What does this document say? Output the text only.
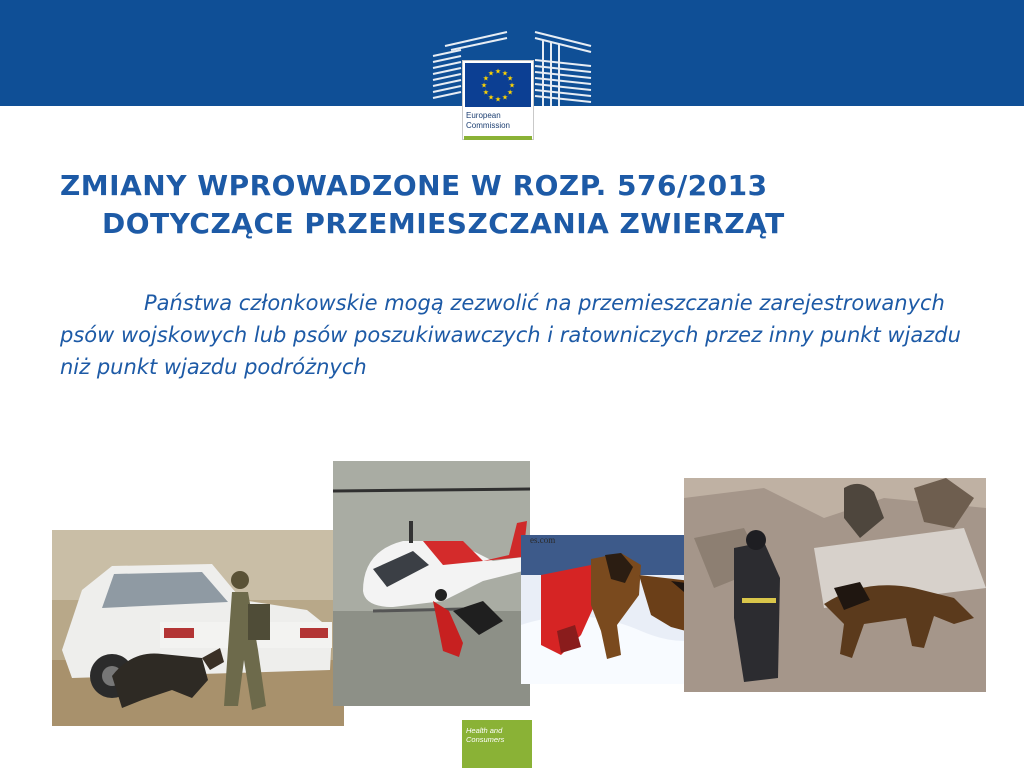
★ ★
★
★
★
★
★
★
★
★
★
★
European
Commission
ZMIANY WPROWADZONE W ROZP. 576/2013
DOTYCZĄCE PRZEMIESZCZANIA ZWIERZĄT
Państwa członkowskie mogą zezwolić na przemieszczanie zarejestrowanych psów wojskowych lub psów poszukiwawczych i ratowniczych przez inny punkt wjazdu niż punkt wjazdu podróżnych
es.com
Health and
Consumers
